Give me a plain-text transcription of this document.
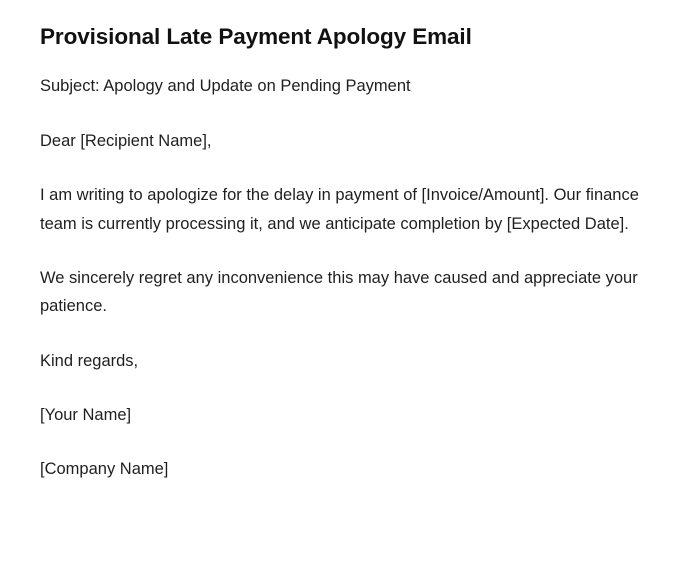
Provisional Late Payment Apology Email

Subject: Apology and Update on Pending Payment

Dear [Recipient Name],

I am writing to apologize for the delay in payment of [Invoice/Amount]. Our finance team is currently processing it, and we anticipate completion by [Expected Date].

We sincerely regret any inconvenience this may have caused and appreciate your patience.

Kind regards,

[Your Name]

[Company Name]
